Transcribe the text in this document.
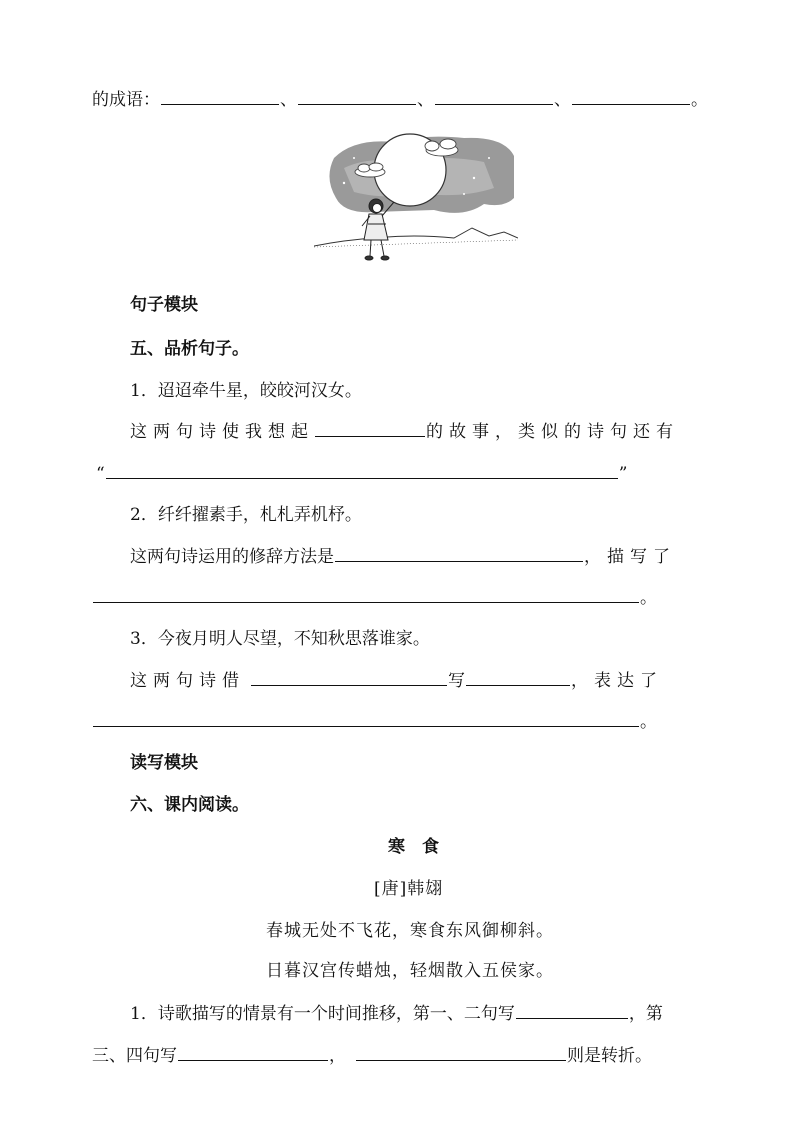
的成语：	、	、	、	。
句子模块
五、品析句子。
1．迢迢牵牛星，皎皎河汉女。
这两句诗使我想起	的故事，类似的诗句还有
“	”
2．纤纤擢素手，札札弄机杼。
这两句诗运用的修辞方法是	，描写了
。
3．今夜月明人尽望，不知秋思落谁家。
这两句诗借	写	，表达了
。
读写模块
六、课内阅读。
寒　食
[唐]韩翃
春城无处不飞花，寒食东风御柳斜。
日暮汉宫传蜡烛，轻烟散入五侯家。
1．诗歌描写的情景有一个时间推移，第一、二句写	，第
三、四句写	，	则是转折。
